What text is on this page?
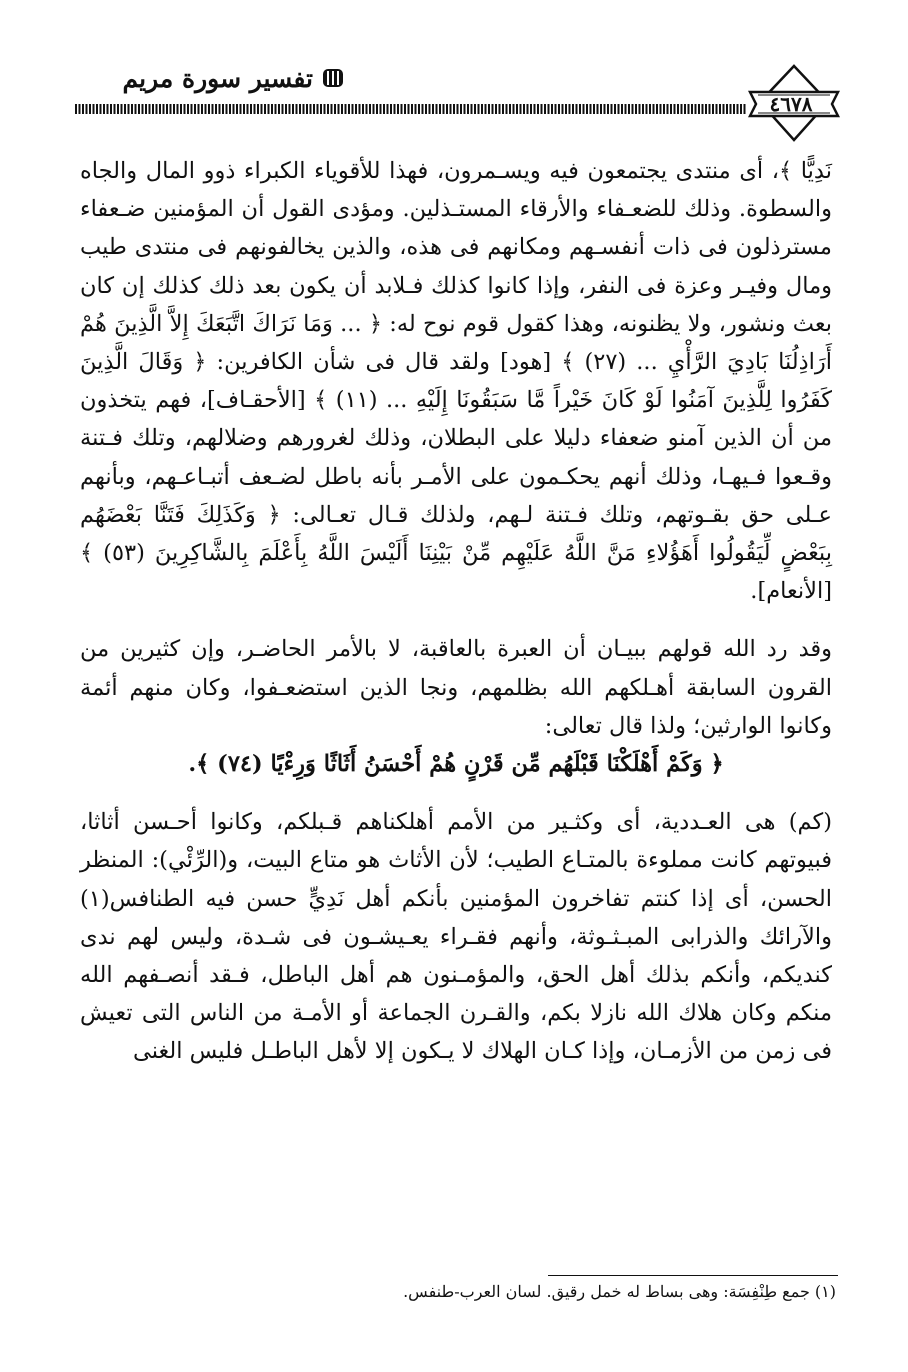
تفسير سورة مريم
٤٦٧٨

نَدِيًّا ﴾، أى منتدى يجتمعون فيه ويسـمرون، فهذا للأقوياء الكبراء ذوو المال والجاه والسطوة. وذلك للضعـفاء والأرقاء المستـذلين. ومؤدى القول أن المؤمنين ضـعفاء مسترذلون فى ذات أنفسـهم ومكانهم فى هذه، والذين يخالفونهم فى منتدى طيب ومال وفيـر وعزة فى النفر، وإذا كانوا كذلك فـلابد أن يكون بعد ذلك كذلك إن كان بعث ونشور، ولا يظنونه، وهذا كقول قوم نوح له: ﴿ ... وَمَا نَرَاكَ اتَّبَعَكَ إِلاَّ الَّذِينَ هُمْ أَرَاذِلُنَا بَادِيَ الرَّأْيِ ... (٢٧) ﴾ [هود] ولقد قال فى شأن الكافرين: ﴿ وَقَالَ الَّذِينَ كَفَرُوا لِلَّذِينَ آمَنُوا لَوْ كَانَ خَيْراً مَّا سَبَقُونَا إِلَيْهِ ... (١١) ﴾ [الأحقـاف]، فهم يتخذون من أن الذين آمنو ضعفاء دليلا على البطلان، وذلك لغرورهم وضلالهم، وتلك فـتنة وقـعوا فـيهـا، وذلك أنهم يحكـمون على الأمـر بأنه باطل لضـعف أتبـاعـهم، وبأنهم عـلى حق بقـوتهم، وتلك فـتنة لـهم، ولذلك قـال تعـالى: ﴿ وَكَذَلِكَ فَتَنَّا بَعْضَهُم بِبَعْضٍ لِّيَقُولُوا أَهَؤُلاءِ مَنَّ اللَّهُ عَلَيْهِم مِّنْ بَيْنِنَا أَلَيْسَ اللَّهُ بِأَعْلَمَ بِالشَّاكِرِينَ (٥٣) ﴾ [الأنعام].

وقد رد الله قولهم ببيـان أن العبرة بالعاقبة، لا بالأمر الحاضـر، وإن كثيرين من القرون السابقة أهـلكهم الله بظلمهم، ونجا الذين استضعـفوا، وكان منهم أئمة وكانوا الوارثين؛ ولذا قال تعالى:

﴿ وَكَمْ أَهْلَكْنَا قَبْلَهُم مِّن قَرْنٍ هُمْ أَحْسَنُ أَثَاثًا وَرِءْيًا (٧٤) ﴾.

(كم) هى العـددية، أى وكثـير من الأمم أهلكناهم قـبلكم، وكانوا أحـسن أثاثا، فبيوتهم كانت مملوءة بالمتـاع الطيب؛ لأن الأثاث هو متاع البيت، و(الرِّئْي): المنظر الحسن، أى إذا كنتم تفاخرون المؤمنين بأنكم أهل نَدِيٍّ حسن فيه الطنافس(١) والآرائك والذرابى المبـثـوثة، وأنهم فقـراء يعـيشـون فى شـدة، وليس لهم ندى كنديكم، وأنكم بذلك أهل الحق، والمؤمـنون هم أهل الباطل، فـقد أنصـفهم الله منكم وكان هلاك الله نازلا بكم، والقـرن الجماعة أو الأمـة من الناس التى تعيش فى زمن من الأزمـان، وإذا كـان الهلاك لا يـكون إلا لأهل الباطـل فليس الغنى

(١) جمع طِنْفِسَة: وهى بساط له خمل رقيق. لسان العرب-طنفس.
